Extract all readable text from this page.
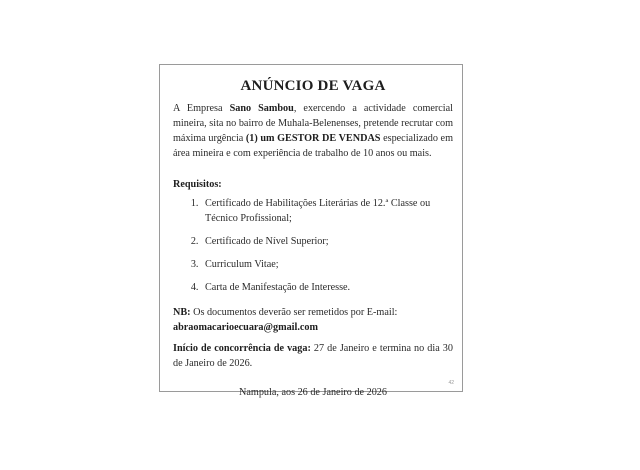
ANÚNCIO DE VAGA

A Empresa Sano Sambou, exercendo a actividade comercial mineira, sita no bairro de Muhala-Belenenses, pretende recrutar com máxima urgência (1) um GESTOR DE VENDAS especializado em área mineira e com experiência de trabalho de 10 anos ou mais.

Requisitos:
1. Certificado de Habilitações Literárias de 12.ª Classe ou Técnico Profissional;
2. Certificado de Nível Superior;
3. Curriculum Vitae;
4. Carta de Manifestação de Interesse.
NB: Os documentos deverão ser remetidos por E-mail:
abraomacarioecuara@gmail.com
Início de concorrência de vaga: 27 de Janeiro e termina no dia 30 de Janeiro de 2026.
Nampula, aos 26 de Janeiro de 2026
42
